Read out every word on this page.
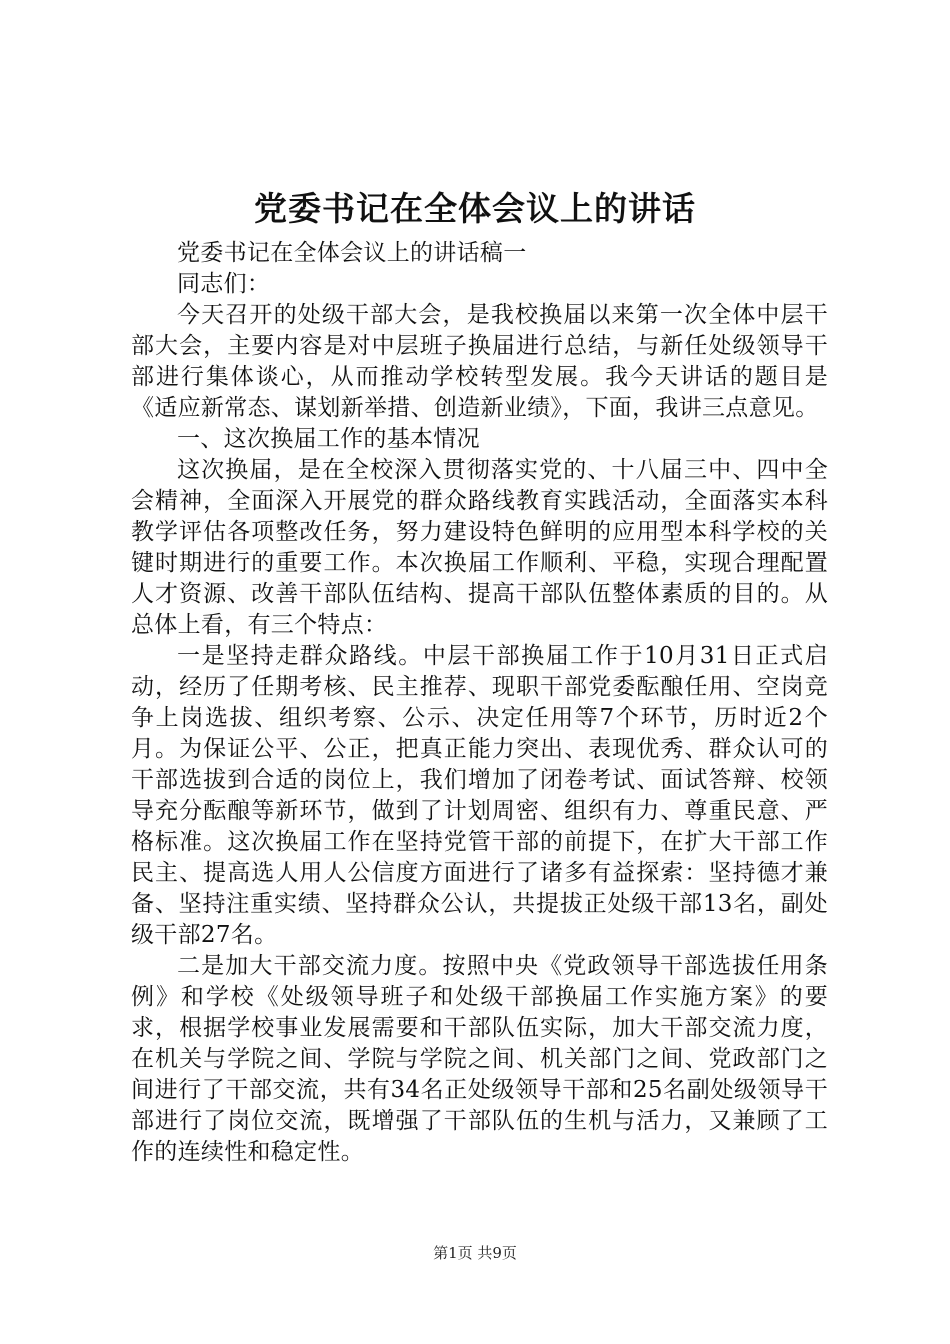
党委书记在全体会议上的讲话

党委书记在全体会议上的讲话稿一

同志们：

今天召开的处级干部大会，是我校换届以来第一次全体中层干部大会，主要内容是对中层班子换届进行总结，与新任处级领导干部进行集体谈心，从而推动学校转型发展。我今天讲话的题目是《适应新常态、谋划新举措、创造新业绩》，下面，我讲三点意见。

一、这次换届工作的基本情况

这次换届，是在全校深入贯彻落实党的、十八届三中、四中全会精神，全面深入开展党的群众路线教育实践活动，全面落实本科教学评估各项整改任务，努力建设特色鲜明的应用型本科学校的关键时期进行的重要工作。本次换届工作顺利、平稳，实现合理配置人才资源、改善干部队伍结构、提高干部队伍整体素质的目的。从总体上看，有三个特点：

一是坚持走群众路线。中层干部换届工作于10月31日正式启动，经历了任期考核、民主推荐、现职干部党委酝酿任用、空岗竞争上岗选拔、组织考察、公示、决定任用等7个环节，历时近2个月。为保证公平、公正，把真正能力突出、表现优秀、群众认可的干部选拔到合适的岗位上，我们增加了闭卷考试、面试答辩、校领导充分酝酿等新环节，做到了计划周密、组织有力、尊重民意、严格标准。这次换届工作在坚持党管干部的前提下，在扩大干部工作民主、提高选人用人公信度方面进行了诸多有益探索：坚持德才兼备、坚持注重实绩、坚持群众公认，共提拔正处级干部13名，副处级干部27名。

二是加大干部交流力度。按照中央《党政领导干部选拔任用条例》和学校《处级领导班子和处级干部换届工作实施方案》的要求，根据学校事业发展需要和干部队伍实际，加大干部交流力度，在机关与学院之间、学院与学院之间、机关部门之间、党政部门之间进行了干部交流，共有34名正处级领导干部和25名副处级领导干部进行了岗位交流，既增强了干部队伍的生机与活力，又兼顾了工作的连续性和稳定性。

第1页 共9页
